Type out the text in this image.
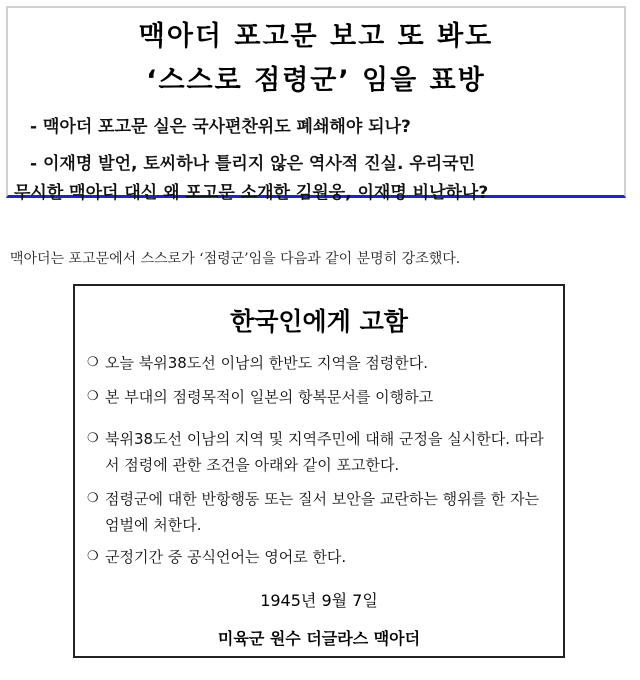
맥아더 포고문 보고 또 봐도
‘스스로 점령군’ 임을 표방
- 맥아더 포고문 실은 국사편찬위도 폐쇄해야 되나?
- 이재명 발언, 토씨하나 틀리지 않은 역사적 진실. 우리국민
무시한 맥아더 대신 왜 포고문 소개한 김원웅, 이재명 비난하나?
맥아더는 포고문에서 스스로가 ‘점령군’임을 다음과 같이 분명히 강조했다.
한국인에게 고함
❍ 오늘 북위38도선 이남의 한반도 지역을 점령한다.
❍ 본 부대의 점령목적이 일본의 항복문서를 이행하고
❍ 북위38도선 이남의 지역 및 지역주민에 대해 군정을 실시한다. 따라서 점령에 관한 조건을 아래와 같이 포고한다.
❍ 점령군에 대한 반항행동 또는 질서 보안을 교란하는 행위를 한 자는 엄벌에 처한다.
❍ 군정기간 중 공식언어는 영어로 한다.
1945년 9월 7일
미육군 원수 더글라스 맥아더
